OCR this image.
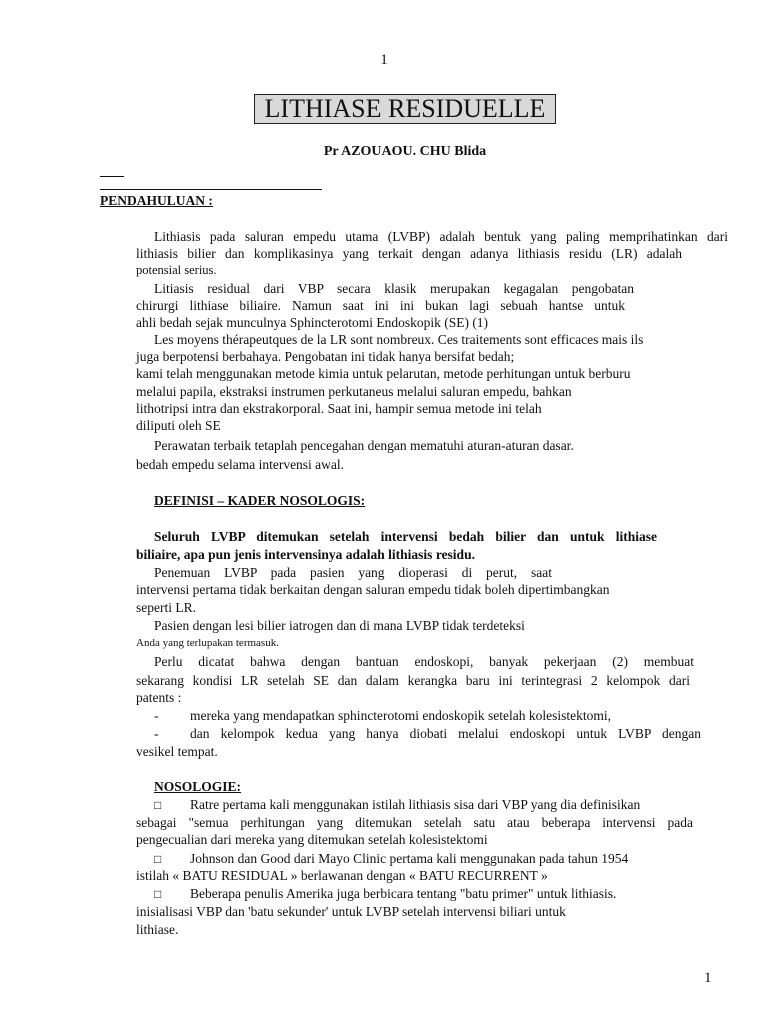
1
LITHIASE RESIDUELLE
Pr AZOUAOU. CHU Blida
PENDAHULUAN :
Lithiasis pada saluran empedu utama (LVBP) adalah bentuk yang paling memprihatinkan dari
lithiasis bilier dan komplikasinya yang terkait dengan adanya lithiasis residu (LR) adalah
potensial serius.
Litiasis residual dari VBP secara klasik merupakan kegagalan pengobatan
chirurgi lithiase biliaire. Namun saat ini ini bukan lagi sebuah hantse untuk
ahli bedah sejak munculnya Sphincterotomi Endoskopik (SE) (1)
Les moyens thérapeutques de la LR sont nombreux. Ces traitements sont efficaces mais ils
juga berpotensi berbahaya. Pengobatan ini tidak hanya bersifat bedah;
kami telah menggunakan metode kimia untuk pelarutan, metode perhitungan untuk berburu
melalui papila, ekstraksi instrumen perkutaneus melalui saluran empedu, bahkan
lithotripsi intra dan ekstrakorporal. Saat ini, hampir semua metode ini telah
diliputi oleh SE
Perawatan terbaik tetaplah pencegahan dengan mematuhi aturan-aturan dasar.
bedah empedu selama intervensi awal.
DEFINISI – KADER NOSOLOGIS:
Seluruh LVBP ditemukan setelah intervensi bedah bilier dan untuk lithiase
biliaire, apa pun jenis intervensinya adalah lithiasis residu.
Penemuan LVBP pada pasien yang dioperasi di perut, saat
intervensi pertama tidak berkaitan dengan saluran empedu tidak boleh dipertimbangkan
seperti LR.
Pasien dengan lesi bilier iatrogen dan di mana LVBP tidak terdeteksi
Anda yang terlupakan termasuk.
Perlu dicatat bahwa dengan bantuan endoskopi, banyak pekerjaan (2) membuat
sekarang kondisi LR setelah SE dan dalam kerangka baru ini terintegrasi 2 kelompok dari
patents :
- mereka yang mendapatkan sphincterotomi endoskopik setelah kolesistektomi,
- dan kelompok kedua yang hanya diobati melalui endoskopi untuk LVBP dengan
vesikel tempat.
NOSOLOGIE:
□ Ratre pertama kali menggunakan istilah lithiasis sisa dari VBP yang dia definisikan
sebagai "semua perhitungan yang ditemukan setelah satu atau beberapa intervensi pada
pengecualian dari mereka yang ditemukan setelah kolesistektomi
□ Johnson dan Good dari Mayo Clinic pertama kali menggunakan pada tahun 1954
istilah « BATU RESIDUAL » berlawanan dengan « BATU RECURRENT »
□ Beberapa penulis Amerika juga berbicara tentang "batu primer" untuk lithiasis.
inisialisasi VBP dan 'batu sekunder' untuk LVBP setelah intervensi biliari untuk
lithiase.
1
